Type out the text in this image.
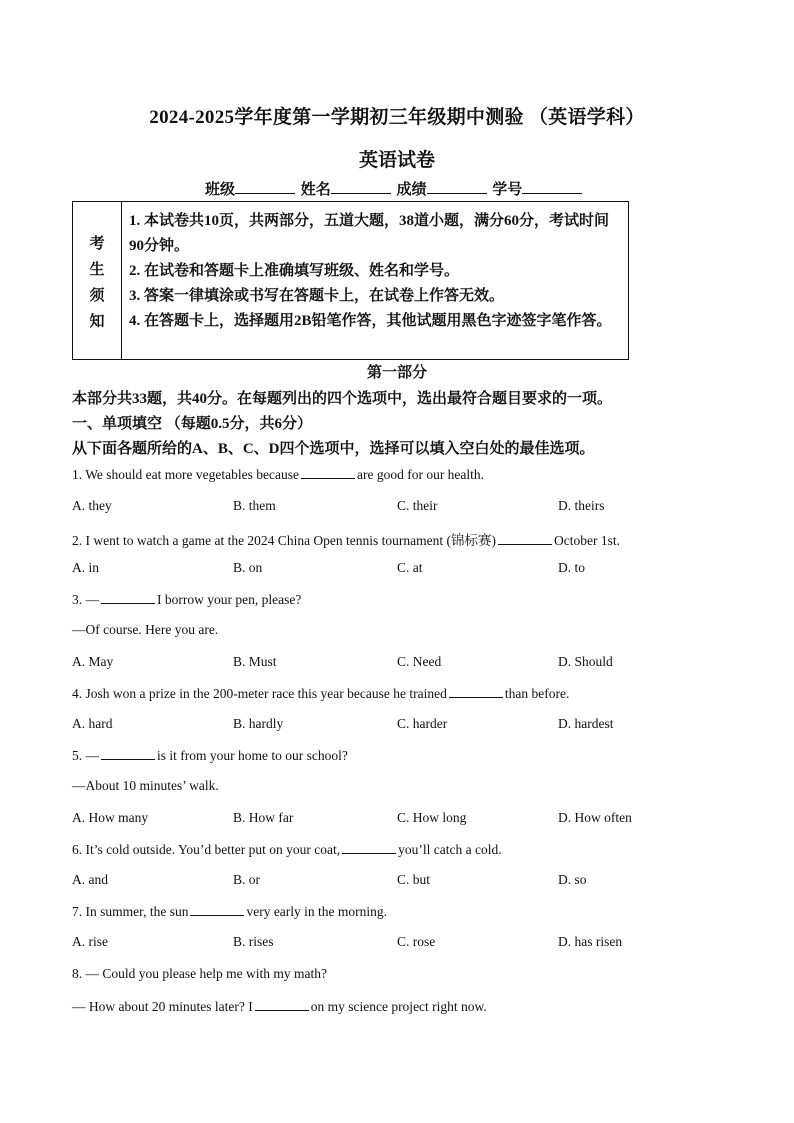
2024-2025学年度第一学期初三年级期中测验 （英语学科）
英语试卷
班级	姓名	成绩	学号
考
生
须
知
1. 本试卷共10页，共两部分，五道大题，38道小题，满分60分，考试时间90分钟。
2. 在试卷和答题卡上准确填写班级、姓名和学号。
3. 答案一律填涂或书写在答题卡上，在试卷上作答无效。
4. 在答题卡上，选择题用2B铅笔作答，其他试题用黑色字迹签字笔作答。
第一部分
本部分共33题，共40分。在每题列出的四个选项中，选出最符合题目要求的一项。
一、单项填空 （每题0.5分，共6分）
从下面各题所给的A、B、C、D四个选项中，选择可以填入空白处的最佳选项。
1. We should eat more vegetables because	are good for our health.
A. they	B. them	C. their	D. theirs
2. I went to watch a game at the 2024 China Open tennis tournament (锦标赛)	October 1st.
A. in	B. on	C. at	D. to
3. —	I borrow your pen, please?
—Of course. Here you are.
A. May	B. Must	C. Need	D. Should
4. Josh won a prize in the 200-meter race this year because he trained	than before.
A. hard	B. hardly	C. harder	D. hardest
5. —	is it from your home to our school?
—About 10 minutes’ walk.
A. How many	B. How far	C. How long	D. How often
6. It’s cold outside. You’d better put on your coat,	you’ll catch a cold.
A. and	B. or	C. but	D. so
7. In summer, the sun	very early in the morning.
A. rise	B. rises	C. rose	D. has risen
8. — Could you please help me with my math?
— How about 20 minutes later? I	on my science project right now.
